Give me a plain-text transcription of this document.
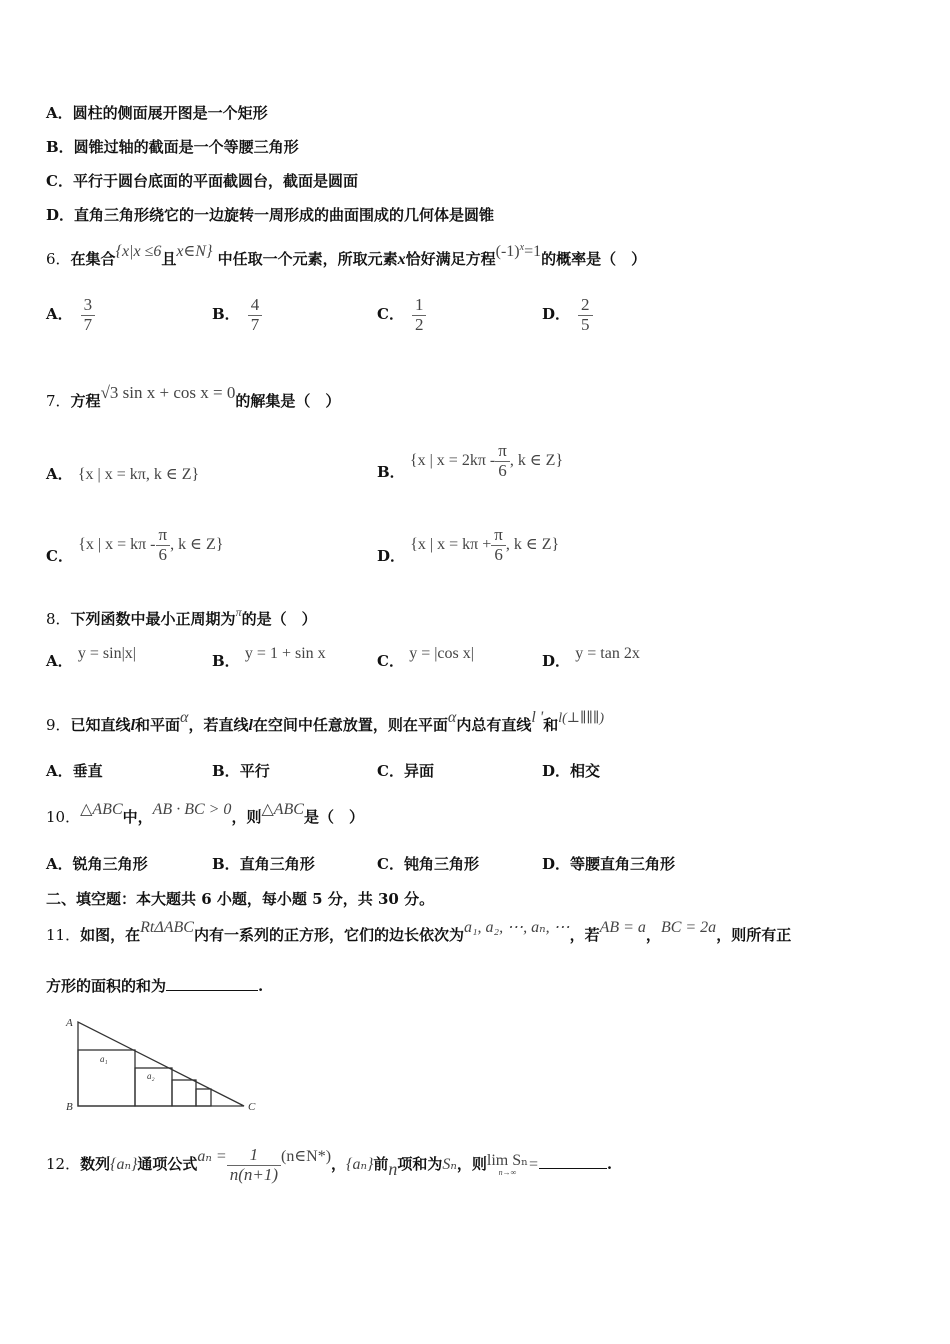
A．圆柱的侧面展开图是一个矩形
B．圆锥过轴的截面是一个等腰三角形
C．平行于圆台底面的平面截圆台，截面是圆面
D．直角三角形绕它的一边旋转一周形成的曲面围成的几何体是圆锥
6．在集合{x|x ≤6且x∈N} 中任取一个元素，所取元素x恰好满足方程$(-1)^x=1$的概率是（　）
A． $\frac{3}{7}$	B． $\frac{4}{7}$	C． $\frac{1}{2}$	D． $\frac{2}{5}$
7．方程√3 sin x + cos x = 0的解集是（　）
A． {x | x = kπ, k ∈ Z}	B． {x | $x = 2k\pi - \frac{\pi}{6}$ , k ∈ Z}
C． {x | $x = k\pi - \frac{\pi}{6}$ , k ∈ Z}
D． {x | $x = k\pi + \frac{\pi}{6}$ , k ∈ Z}
8．下列函数中最小正周期为$^\pi$的是（　）
A． y = sin|x|	B． y = 1 + sin x	C． y = |cos x|	D． y = tan 2x
9．已知直线l和平面α，若直线l在空间中任意放置，则在平面α内总有直线l '和l(⊥∥∥∥)
A．垂直	B．平行	C．异面	D．相交
10．△ABC中，AB · BC > 0，则△ABC是（　）
A．锐角三角形	B．直角三角形	C．钝角三角形	D．等腰直角三角形
二、填空题：本大题共 6 小题，每小题 5 分，共 30 分。
11．如图，在RtΔABC内有一系列的正方形，它们的边长依次为a₁, a₂, ⋯, aₙ, ⋯，若AB = a，BC = 2a，则所有正
方形的面积的和为	.
A
B	C
a₁
a₂
12．数列{aₙ}通项公式$a_n = \frac{1}{n(n+1)}$ (n∈N*)，{aₙ}前n项和为Sₙ，则 lim Sₙ
n→∞ =	.
